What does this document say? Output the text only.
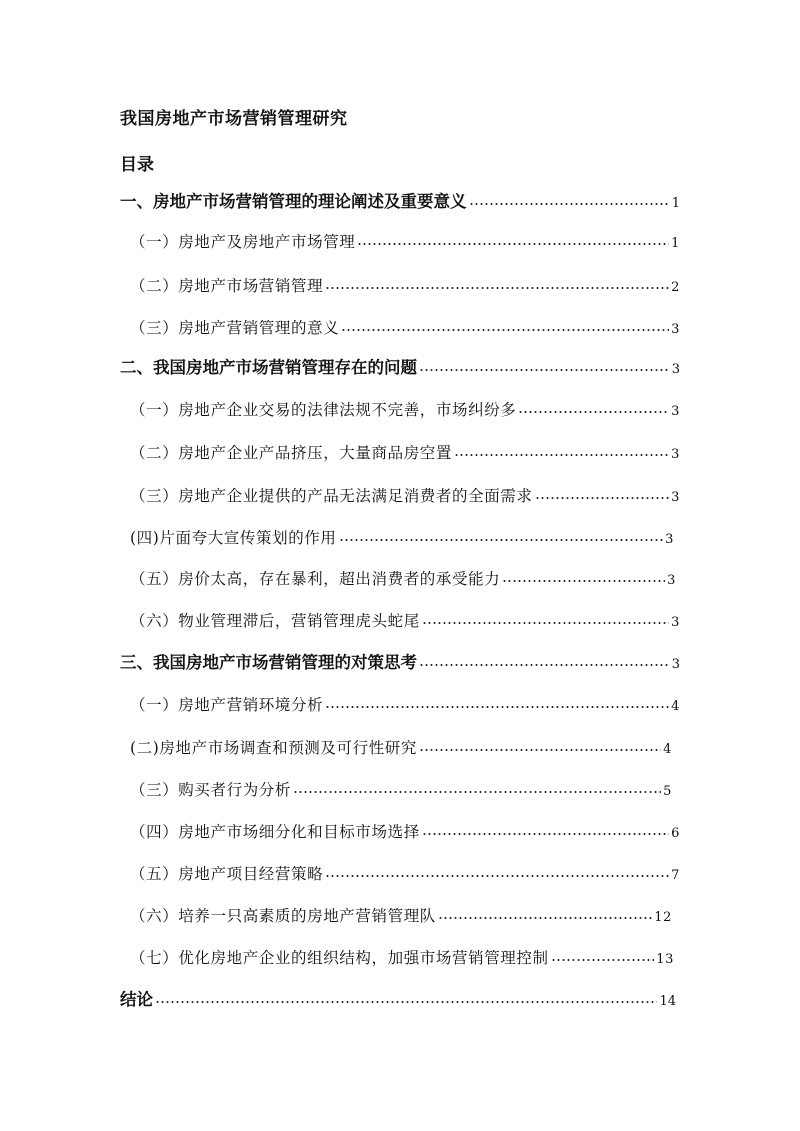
我国房地产市场营销管理研究
目录
一、房地产市场营销管理的理论阐述及重要意义	1
（一）房地产及房地产市场管理	1
（二）房地产市场营销管理	2
（三）房地产营销管理的意义	3
二、我国房地产市场营销管理存在的问题	3
（一）房地产企业交易的法律法规不完善，市场纠纷多	3
（二）房地产企业产品挤压，大量商品房空置	3
（三）房地产企业提供的产品无法满足消费者的全面需求	3
(四)片面夸大宣传策划的作用	3
（五）房价太高，存在暴利，超出消费者的承受能力	3
（六）物业管理滞后，营销管理虎头蛇尾	3
三、我国房地产市场营销管理的对策思考	3
（一）房地产营销环境分析	4
(二)房地产市场调查和预测及可行性研究	4
（三）购买者行为分析	5
（四）房地产市场细分化和目标市场选择	6
（五）房地产项目经营策略	7
（六）培养一只高素质的房地产营销管理队	12
（七）优化房地产企业的组织结构，加强市场营销管理控制	13
结论	14
